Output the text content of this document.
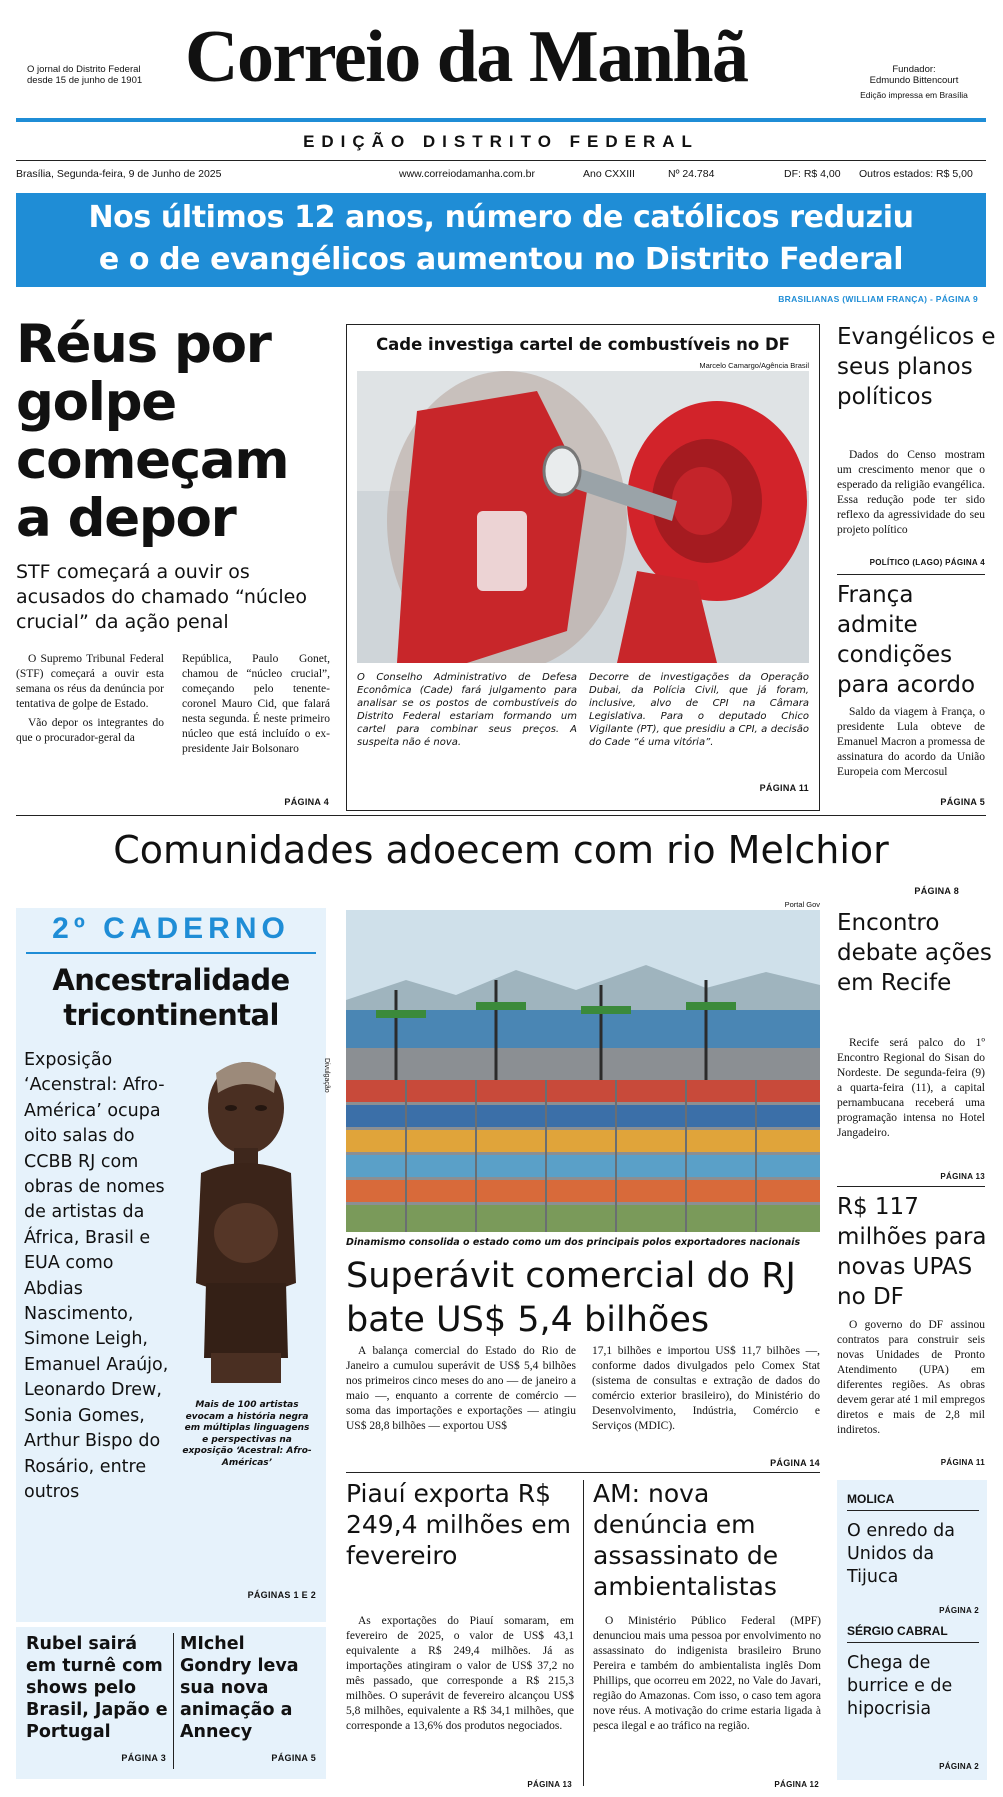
O jornal do Distrito Federal
desde 15 de junho de 1901 Correio da Manhã	Fundador:
Edmundo Bittencourt
Edição impressa em Brasília
EDIÇÃO DISTRITO FEDERAL
Brasília, Segunda-feira, 9 de Junho de 2025	www.correiodamanha.com.br	Ano CXXIII	Nº 24.784	DF: R$ 4,00 Outros estados: R$ 5,00
Nos últimos 12 anos, número de católicos reduziu
e o de evangélicos aumentou no Distrito Federal
BRASILIANAS (WILLIAM FRANÇA) - PÁGINA 9
Réus por golpe começam a depor
STF começará a ouvir os acusados do chamado “núcleo crucial” da ação penal

O Supremo Tribunal Federal (STF) começará a ouvir esta semana os réus da denúncia por tentativa de golpe de Estado.

Vão depor os integrantes do que o procurador-geral da

República, Paulo Gonet, chamou de “núcleo crucial”, começando pelo tenente-coronel Mauro Cid, que falará nesta segunda. É neste primeiro núcleo que está incluído o ex-presidente Jair Bolsonaro
PÁGINA 4
Cade investiga cartel de combustíveis no DF
Marcelo Camargo/Agência Brasil
O Conselho Administrativo de Defesa Econômica (Cade) fará julgamento para analisar se os postos de combustíveis do Distrito Federal estariam formando um cartel para combinar seus preços. A suspeita não é nova.
Decorre de investigações da Operação Dubai, da Polícia Civil, que já foram, inclusive, alvo de CPI na Câmara Legislativa. Para o deputado Chico Vigilante (PT), que presidiu a CPI, a decisão do Cade “é uma vitória”.
PÁGINA 11
Evangélicos e seus planos políticos
Dados do Censo mostram um crescimento menor que o esperado da religião evangélica. Essa redução pode ter sido reflexo da agressividade do seu projeto político
POLÍTICO (LAGO) PÁGINA 4
França admite condições para acordo
Saldo da viagem à França, o presidente Lula obteve de Emanuel Macron a promessa de assinatura do acordo da União Europeia com Mercosul
PÁGINA 5
Comunidades adoecem com rio Melchior
PÁGINA 8
2º CADERNO
Ancestralidade tricontinental
Exposição ‘Acenstral: Afro-América’ ocupa oito salas do CCBB RJ com obras de nomes de artistas da África, Brasil e EUA como Abdias Nascimento, Simone Leigh, Emanuel Araújo, Leonardo Drew, Sonia Gomes, Arthur Bispo do Rosário, entre outros
Divulgação
Mais de 100 artistas evocam a história negra em múltiplas linguagens e perspectivas na exposição ‘Acestral: Afro-Américas’
PÁGINAS 1 E 2
Rubel sairá em turnê com shows pelo Brasil, Japão e Portugal
PÁGINA 3
MIchel Gondry leva sua nova animação a Annecy
PÁGINA 5
Portal Gov
Dinamismo consolida o estado como um dos principais polos exportadores nacionais
Superávit comercial do RJ bate US$ 5,4 bilhões
A balança comercial do Estado do Rio de Janeiro a cumulou superávit de US$ 5,4 bilhões nos primeiros cinco meses do ano — de janeiro a maio —, enquanto a corrente de comércio — soma das importações e exportações — atingiu US$ 28,8 bilhões — exportou US$
17,1 bilhões e importou US$ 11,7 bilhões —, conforme dados divulgados pelo Comex Stat (sistema de consultas e extração de dados do comércio exterior brasileiro), do Ministério do Desenvolvimento, Indústria, Comércio e Serviços (MDIC).
PÁGINA 14
Piauí exporta R$ 249,4 milhões em fevereiro
As exportações do Piauí somaram, em fevereiro de 2025, o valor de US$ 43,1 equivalente a R$ 249,4 milhões. Já as importações atingiram o valor de US$ 37,2 no mês passado, que corresponde a R$ 215,3 milhões. O superávit de fevereiro alcançou US$ 5,8 milhões, equivalente a R$ 34,1 milhões, que corresponde a 13,6% dos produtos negociados.
PÁGINA 13
AM: nova denúncia em assassinato de ambientalistas
O Ministério Público Federal (MPF) denunciou mais uma pessoa por envolvimento no assassinato do indigenista brasileiro Bruno Pereira e também do ambientalista inglês Dom Phillips, que ocorreu em 2022, no Vale do Javari, região do Amazonas. Com isso, o caso tem agora nove réus. A motivação do crime estaria ligada à pesca ilegal e ao tráfico na região.
PÁGINA 12
Encontro debate ações em Recife
Recife será palco do 1º Encontro Regional do Sisan do Nordeste. De segunda-feira (9) a quarta-feira (11), a capital pernambucana receberá uma programação intensa no Hotel Jangadeiro.
PÁGINA 13
R$ 117 milhões para novas UPAS no DF
O governo do DF assinou contratos para construir seis novas Unidades de Pronto Atendimento (UPA) em diferentes regiões. As obras devem gerar até 1 mil empregos diretos e mais de 2,8 mil indiretos.
PÁGINA 11
MOLICA
O enredo da Unidos da Tijuca
PÁGINA 2
SÉRGIO CABRAL
Chega de burrice e de hipocrisia
PÁGINA 2
